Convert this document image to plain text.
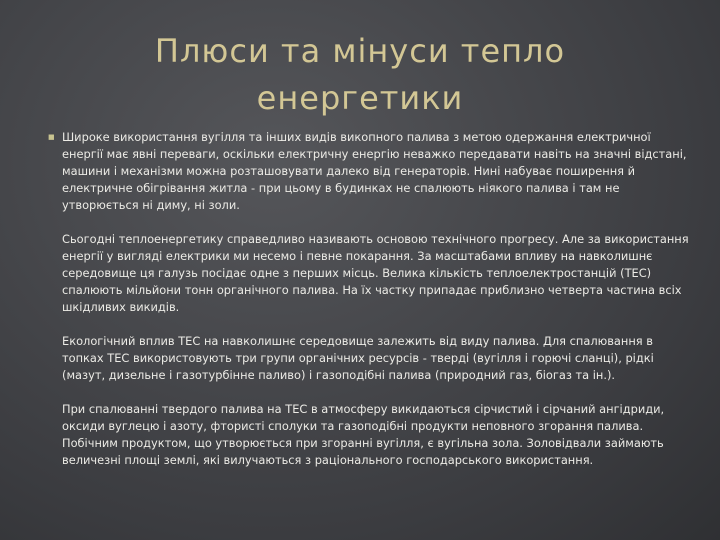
Плюси та мінуси тепло
енергетики
■ Широке використання вугілля та інших видів викопного палива з метою одержання електричної енергії має явні переваги, оскільки електричну енергію неважко передавати навіть на значні відстані, машини і механізми можна розташовувати далеко від генераторів. Нині набуває поширення й електричне обігрівання житла - при цьому в будинках не спалюють ніякого палива і там не утворюється ні диму, ні золи.

Сьогодні теплоенергетику справедливо називають основою технічного прогресу. Але за використання енергії у вигляді електрики ми несемо і певне покарання. За масштабами впливу на навколишнє середовище ця галузь посідає одне з перших місць. Велика кількість теплоелектростанцій (ТЕС) спалюють мільйони тонн органічного палива. На їх частку припадає приблизно четверта частина всіх шкідливих викидів.

Екологічний вплив ТЕС на навколишнє середовище залежить від виду палива. Для спалювання в топках ТЕС використовують три групи органічних ресурсів - тверді (вугілля і горючі сланці), рідкі (мазут, дизельне і газотурбінне паливо) і газоподібні палива (природний газ, біогаз та ін.).

При спалюванні твердого палива на ТЕС в атмосферу викидаються сірчистий і сірчаний ангідриди, оксиди вуглецю і азоту, фтористі сполуки та газоподібні продукти неповного згорання палива. Побічним продуктом, що утворюється при згоранні вугілля, є вугільна зола. Золовідвали займають величезні площі землі, які вилучаються з раціонального господарського використання.
